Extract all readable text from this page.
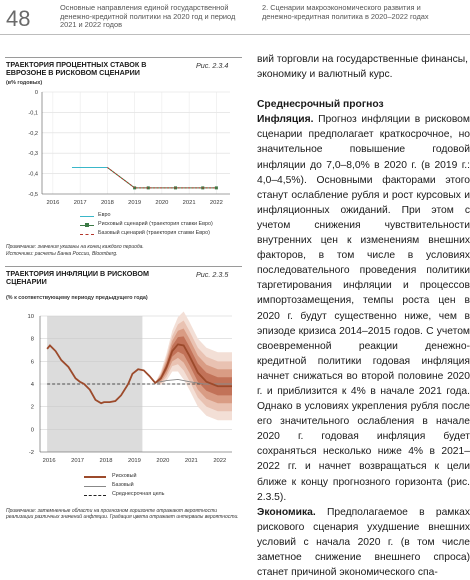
48	Основные направления единой государственной денежно-кредитной политики на 2020 год и период 2021 и 2022 годов
2. Сценарии макроэкономического развития и денежно-кредитная политика в 2020–2022 годах
ТРАЕКТОРИЯ ПРОЦЕНТНЫХ СТАВОК В ЕВРОЗОНЕ В РИСКОВОМ СЦЕНАРИИ
Рис. 2.3.4
(в% годовых)
0
-0,1
-0,2
-0,3
-0,4
-0,5
2016 2017 2018 2019 2020 2021 2022
Евро
Рисковый сценарий (траектория ставки Евро)
Базовый сценарий (траектория ставки Евро)
Примечание: значения указаны на конец каждого периода.
Источники: расчеты Банка России, Bloomberg.
ТРАЕКТОРИЯ ИНФЛЯЦИИ В РИСКОВОМ СЦЕНАРИИ
Рис. 2.3.5
(% к соответствующему периоду предыдущего года)
10
8
6
4
2
0
-2
2016	2017	2018	2019	2020	2021	2022
Рисковый
Базовый
Среднесрочная цель
Примечание: затемненные области на прогнозном горизонте отражают вероятности реализации различных значений инфляции. Градация цвета отражает интервалы вероятности.

вий торговли на государственные финансы, экономику и валютный курс.

Среднесрочный прогноз

Инфляция. Прогноз инфляции в рисковом сценарии предполагает краткосрочное, но значительное повышение годовой инфляции до 7,0–8,0% в 2020 г. (в 2019 г.: 4,0–4,5%). Основными факторами этого станут ослабление рубля и рост курсовых и инфляционных ожиданий. При этом с учетом снижения чувствительности внутренних цен к изменениям внешних факторов, в том числе в условиях последовательного проведения политики таргетирования инфляции и процессов импортозамещения, темпы роста цен в 2020 г. будут существенно ниже, чем в эпизоде кризиса 2014–2015 годов. С учетом своевременной реакции денежно-кредитной политики годовая инфляция начнет снижаться во второй половине 2020 г. и приблизится к 4% в начале 2021 года. Однако в условиях укрепления рубля после его значительного ослабления в начале 2020 г. годовая инфляция будет сохраняться несколько ниже 4% в 2021–2022 гг. и начнет возвращаться к цели ближе к концу прогнозного горизонта (рис. 2.3.5).

Экономика. Предполагаемое в рамках рискового сценария ухудшение внешних условий с начала 2020 г. (в том числе заметное снижение внешнего спроса) станет причиной экономического спа-
